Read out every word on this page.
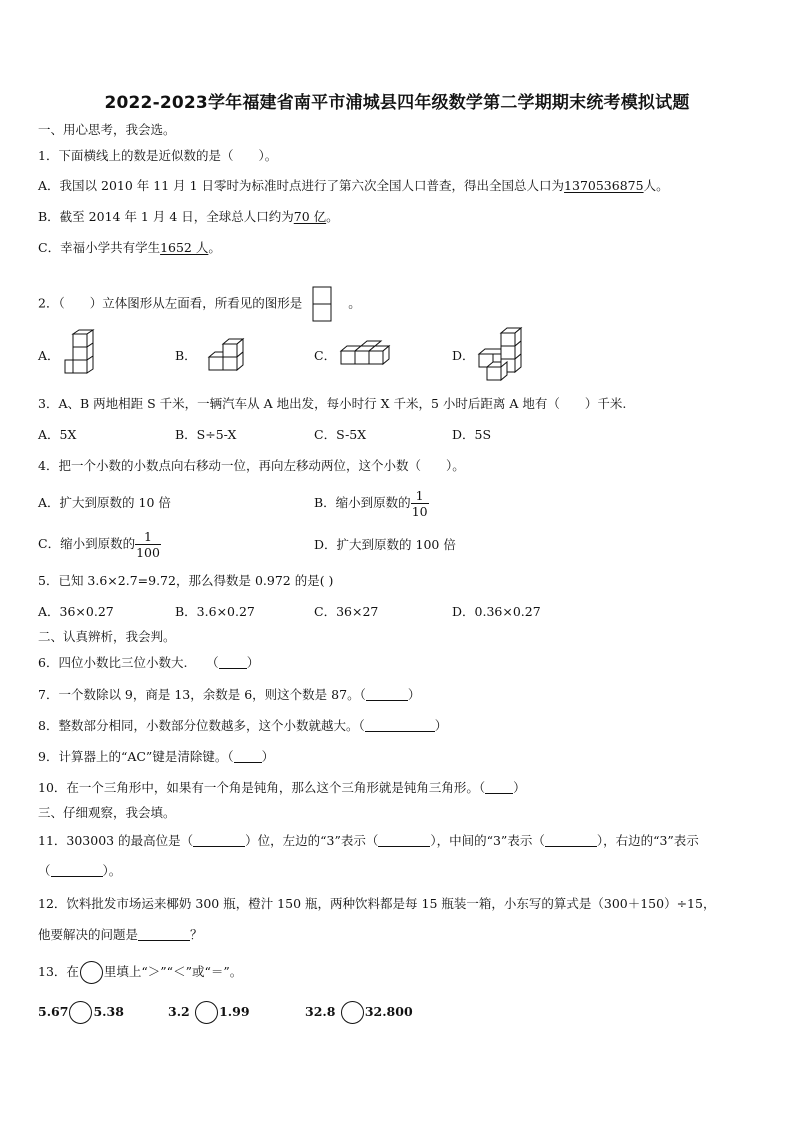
2022-2023学年福建省南平市浦城县四年级数学第二学期期末统考模拟试题
一、用心思考，我会选。
1．下面横线上的数是近似数的是（　　）。
A．我国以 2010 年 11 月 1 日零时为标准时点进行了第六次全国人口普查，得出全国总人口为1370536875人。
B．截至 2014 年 1 月 4 日，全球总人口约为70 亿。
C．幸福小学共有学生1652 人。
2．（　　）立体图形从左面看，所看见的图形是	。
A．	B．	C．	D．
3．A、B 两地相距 S 千米，一辆汽车从 A 地出发，每小时行 X 千米，5 小时后距离 A 地有（　　）千米.
A．5X	B．S÷5-X	C．S-5X	D．5S
4．把一个小数的小数点向右移动一位，再向左移动两位，这个小数（　　）。
A．扩大到原数的 10 倍	B．缩小到原数的 $\frac{1}{10}$
C．缩小到原数的 $\frac{1}{100}$	D．扩大到原数的 100 倍
5．已知 3.6×2.7=9.72，那么得数是 0.972 的是( )
A．36×0.27	B．3.6×0.27	C．36×27	D．0.36×0.27
二、认真辨析，我会判。
6．四位小数比三位小数大.　　（ ）
7．一个数除以 9，商是 13，余数是 6，则这个数是 87。（	）
8．整数部分相同，小数部分位数越多，这个小数就越大。（	）
9．计算器上的“AC”键是清除键。（ ）
10．在一个三角形中，如果有一个角是钝角，那么这个三角形就是钝角三角形。（ ）
三、仔细观察，我会填。
11．303003 的最高位是（	）位，左边的“3”表示（	），中间的“3”表示（	），右边的“3”表示
（	）。
12．饮料批发市场运来椰奶 300 瓶，橙汁 150 瓶，两种饮料都是每 15 瓶装一箱，小东写的算式是（300＋150）÷15，
他要解决的问题是	？
13．在 里填上“＞”“＜”或“＝”。
5.67 5.38	3.2 1.99	32.8 32.800
